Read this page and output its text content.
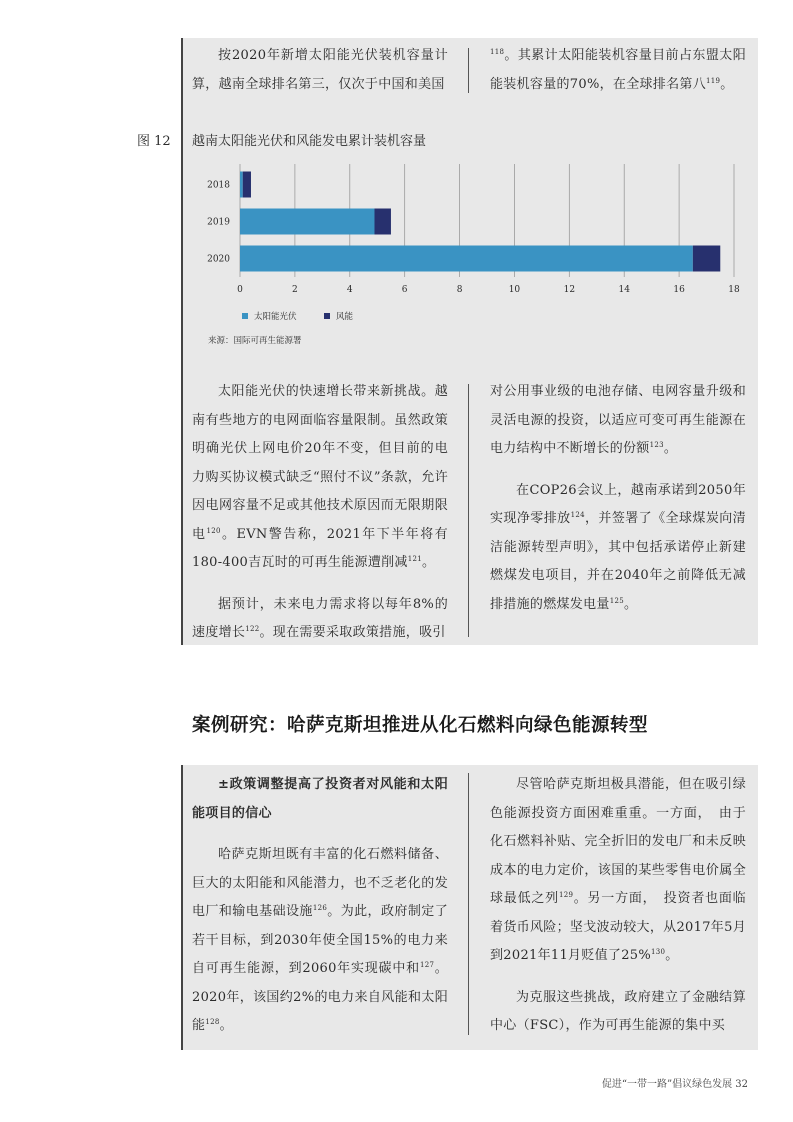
按2020年新增太阳能光伏装机容量计算，越南全球排名第三，仅次于中国和美国

$^{118}$。其累计太阳能装机容量目前占东盟太阳能装机容量的70%，在全球排名第八$^{119}$。

图 12 越南太阳能光伏和风能发电累计装机容量
0	2	4	6	8	10	12	14	16	18
2018
2019
2020
太阳能光伏	风能
来源：国际可再生能源署

太阳能光伏的快速增长带来新挑战。越南有些地方的电网面临容量限制。虽然政策明确光伏上网电价20年不变，但目前的电力购买协议模式缺乏“照付不议”条款，允许因电网容量不足或其他技术原因而无限期限电$^{120}$。EVN警告称，2021年下半年将有180-400吉瓦时的可再生能源遭削减$^{121}$。

据预计，未来电力需求将以每年8%的速度增长$^{122}$。现在需要采取政策措施，吸引

对公用事业级的电池存储、电网容量升级和灵活电源的投资，以适应可变可再生能源在电力结构中不断增长的份额$^{123}$。

在COP26会议上，越南承诺到2050年实现净零排放$^{124}$，并签署了《全球煤炭向清洁能源转型声明》，其中包括承诺停止新建燃煤发电项目，并在2040年之前降低无减排措施的燃煤发电量$^{125}$。

案例研究：哈萨克斯坦推进从化石燃料向绿色能源转型

±政策调整提高了投资者对风能和太阳能项目的信心

哈萨克斯坦既有丰富的化石燃料储备、巨大的太阳能和风能潜力，也不乏老化的发电厂和输电基础设施$^{126}$。为此，政府制定了若干目标，到2030年使全国15%的电力来自可再生能源，到2060年实现碳中和$^{127}$。2020年，该国约2%的电力来自风能和太阳能$^{128}$。

尽管哈萨克斯坦极具潜能，但在吸引绿色能源投资方面困难重重。一方面，　由于化石燃料补贴、完全折旧的发电厂和未反映成本的电力定价，该国的某些零售电价属全球最低之列$^{129}$。另一方面，　投资者也面临着货币风险；坚戈波动较大，从2017年5月到2021年11月贬值了25%$^{130}$。

为克服这些挑战，政府建立了金融结算中心（FSC），作为可再生能源的集中买

促进“一带一路”倡议绿色发展 32
